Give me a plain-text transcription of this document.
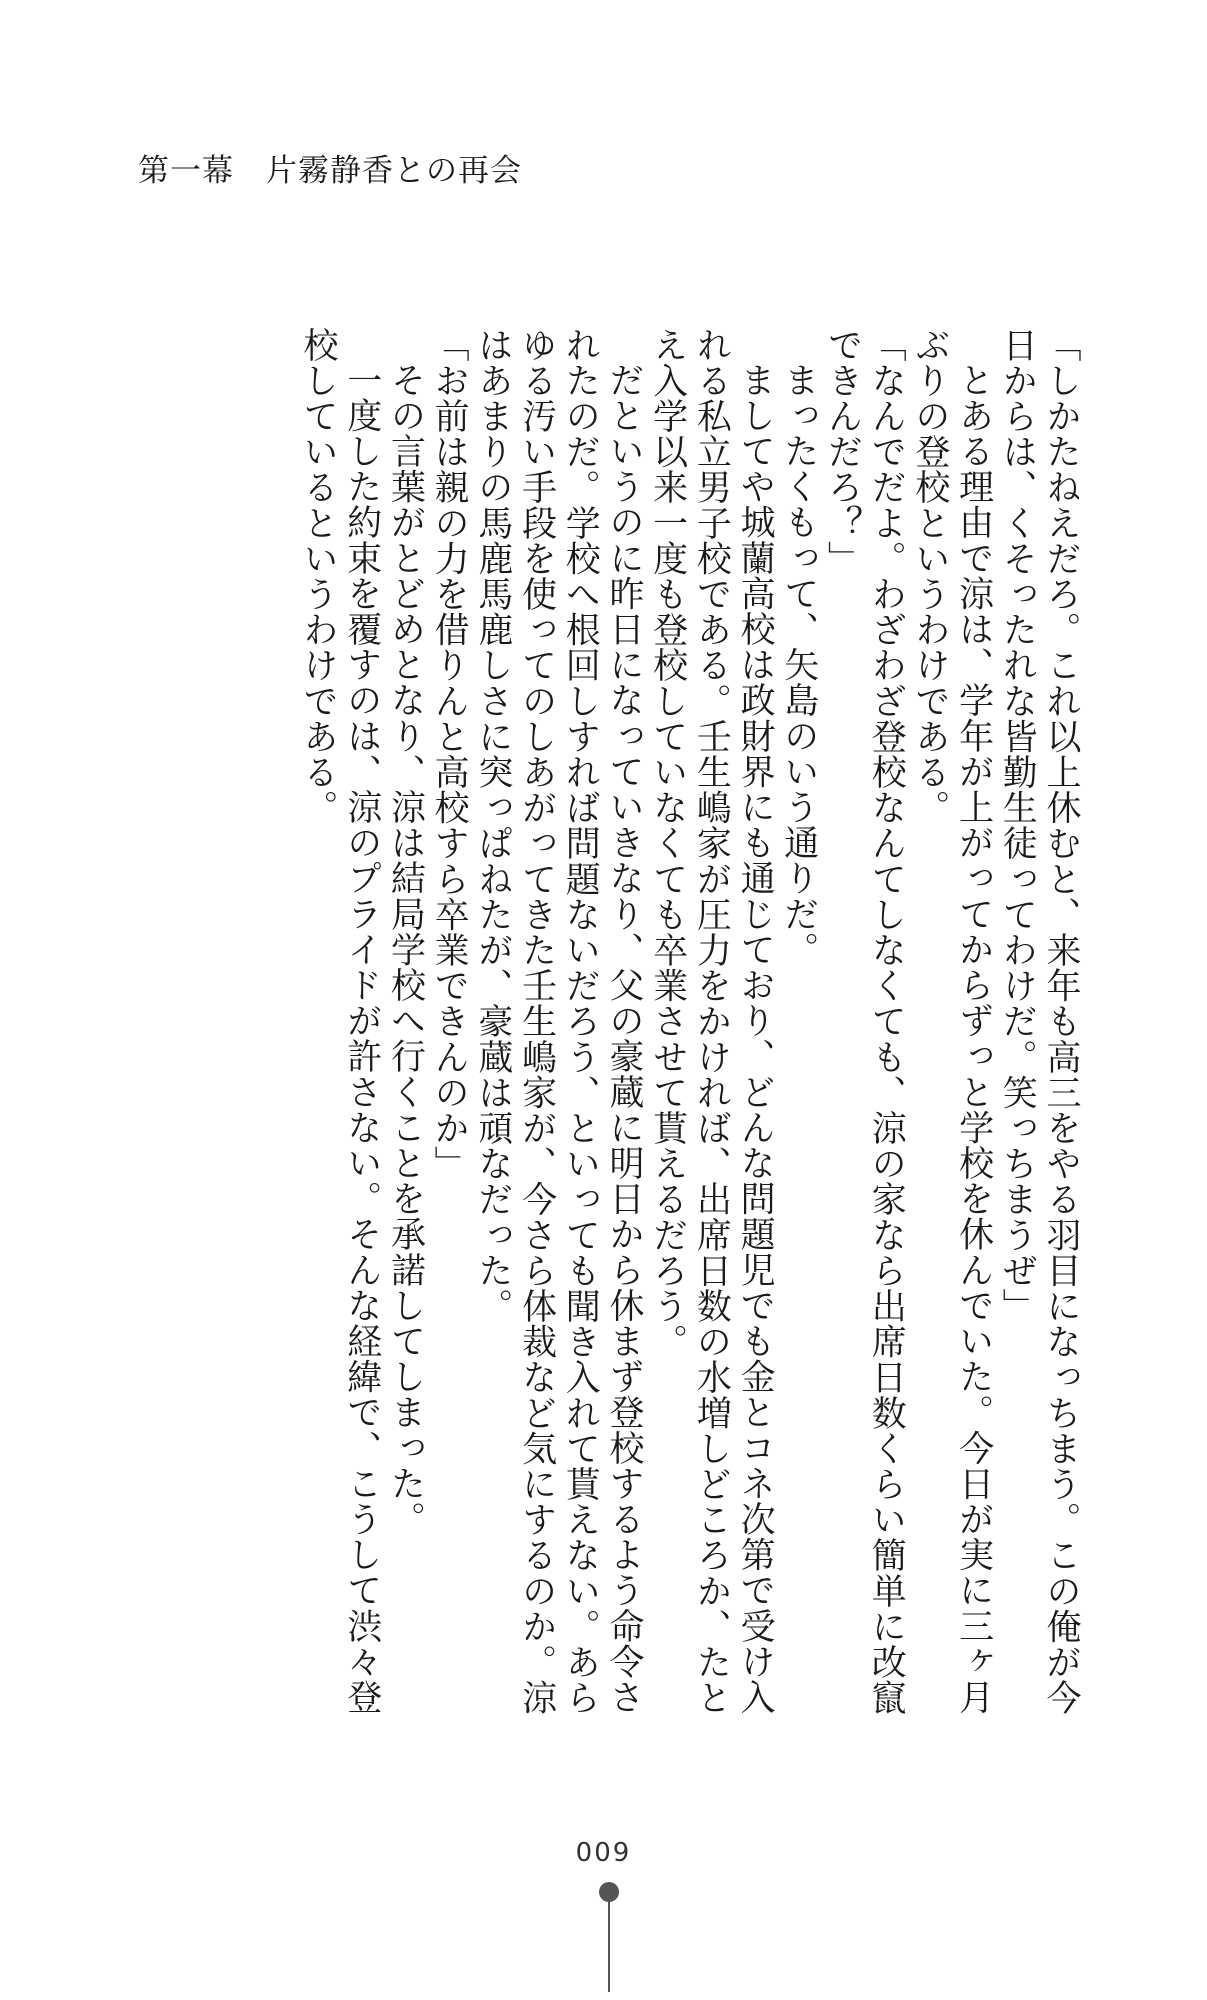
第一幕　片霧静香との再会

「しかたねえだろ。これ以上休むと、来年も高三をやる羽目になっちまう。この俺が今日からは、くそったれな皆勤生徒ってわけだ。笑っちまうぜ」

とある理由で涼は、学年が上がってからずっと学校を休んでいた。今日が実に三ヶ月ぶりの登校というわけである。

「なんでだよ。わざわざ登校なんてしなくても、涼の家なら出席日数くらい簡単に改竄できんだろ？」

まったくもって、矢島のいう通りだ。

ましてや城蘭高校は政財界にも通じており、どんな問題児でも金とコネ次第で受け入れる私立男子校である。壬生嶋家が圧力をかければ、出席日数の水増しどころか、たとえ入学以来一度も登校していなくても卒業させて貰えるだろう。

だというのに昨日になっていきなり、父の豪蔵に明日から休まず登校するよう命令されたのだ。学校へ根回しすれば問題ないだろう、といっても聞き入れて貰えない。あらゆる汚い手段を使ってのしあがってきた壬生嶋家が、今さら体裁など気にするのか。涼はあまりの馬鹿馬鹿しさに突っぱねたが、豪蔵は頑なだった。

「お前は親の力を借りんと高校すら卒業できんのか」

その言葉がとどめとなり、涼は結局学校へ行くことを承諾してしまった。

一度した約束を覆すのは、涼のプライドが許さない。そんな経緯で、こうして渋々登校しているというわけである。

009
